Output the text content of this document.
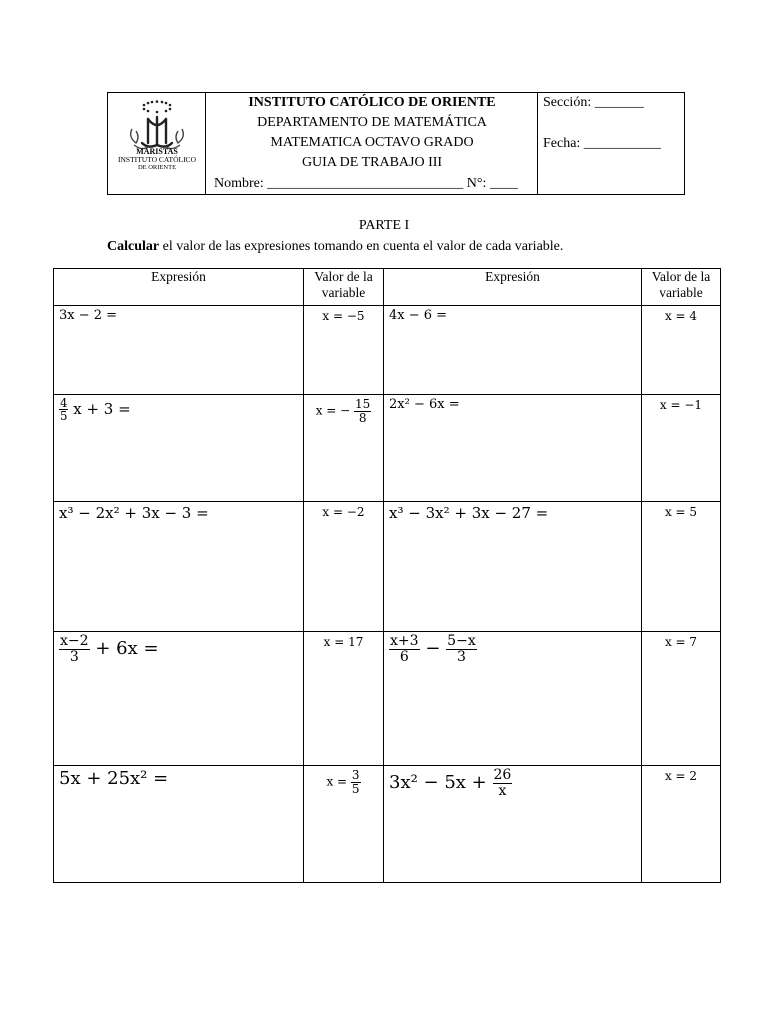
MARISTAS
INSTITUTO CATÓLICO
DE ORIENTE
INSTITUTO CATÓLICO DE ORIENTE
DEPARTAMENTO DE MATEMÁTICA
MATEMATICA OCTAVO GRADO
GUIA DE TRABAJO III
Nombre: ____________________________ N°: ____
Sección: _______
Fecha: ___________
PARTE I
Calcular el valor de las expresiones tomando en cuenta el valor de cada variable.
Expresión	Valor de la variable	Expresión	Valor de la variable

3x − 2 =	x = −5	4x − 6 =	x = 4

$\frac{4}{5}$ x + 3 =	x = − $\frac{15}{8}$	2x² − 6x =	x = −1

x³ − 2x² + 3x − 3 =	x = −2	x³ − 3x² + 3x − 27 =	x = 5

$\frac{x-2}{3} + 6x$ =	x = 17	$\frac{x+3}{6} - \frac{5-x}{3}$	x = 7

5x + 25x² =	$x = \frac{3}{5}$	$3x^2 - 5x + \frac{26}{x}$	x = 2
